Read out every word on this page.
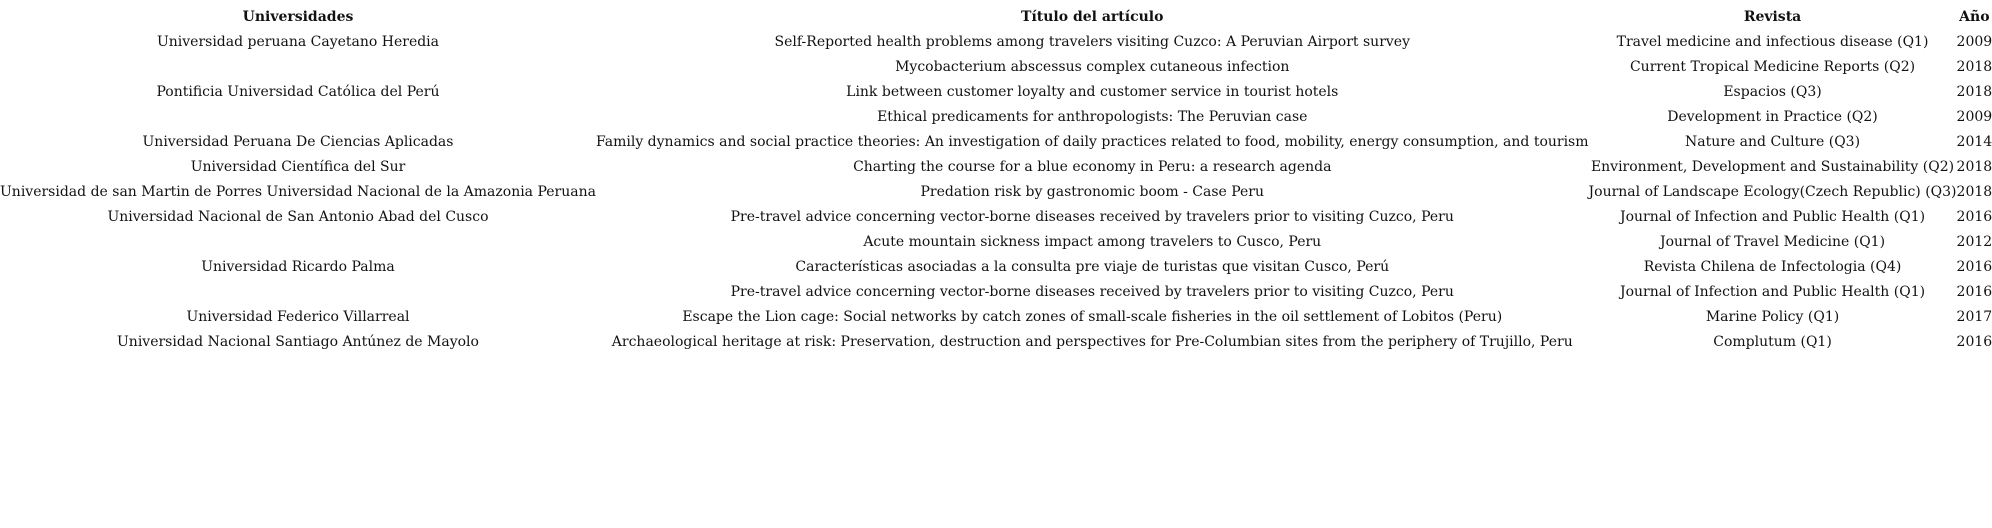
Universidades	Título del artículo	Revista	Año
Universidad peruana Cayetano Heredia	Self-Reported health problems among travelers visiting Cuzco: A Peruvian Airport survey	Travel medicine and infectious disease (Q1)	2009
	Mycobacterium abscessus complex cutaneous infection	Current Tropical Medicine Reports (Q2)	2018
Pontificia Universidad Católica del Perú	Link between customer loyalty and customer service in tourist hotels	Espacios (Q3)	2018
	Ethical predicaments for anthropologists: The Peruvian case	Development in Practice (Q2)	2009
Universidad Peruana De Ciencias Aplicadas	Family dynamics and social practice theories: An investigation of daily practices related to food, mobility, energy consumption, and tourism	Nature and Culture (Q3)	2014
Universidad Científica del Sur	Charting the course for a blue economy in Peru: a research agenda	Environment, Development and Sustainability (Q2)	2018
Universidad de san Martin de Porres Universidad Nacional de la Amazonia Peruana	Predation risk by gastronomic boom - Case Peru	Journal of Landscape Ecology(Czech Republic) (Q3)	2018
Universidad Nacional de San Antonio Abad del Cusco	Pre-travel advice concerning vector-borne diseases received by travelers prior to visiting Cuzco, Peru	Journal of Infection and Public Health (Q1)	2016
	Acute mountain sickness impact among travelers to Cusco, Peru	Journal of Travel Medicine (Q1)	2012
Universidad Ricardo Palma	Características asociadas a la consulta pre viaje de turistas que visitan Cusco, Perú	Revista Chilena de Infectologia (Q4)	2016
	Pre-travel advice concerning vector-borne diseases received by travelers prior to visiting Cuzco, Peru	Journal of Infection and Public Health (Q1)	2016
Universidad Federico Villarreal	Escape the Lion cage: Social networks by catch zones of small-scale fisheries in the oil settlement of Lobitos (Peru)	Marine Policy (Q1)	2017
Universidad Nacional Santiago Antúnez de Mayolo	Archaeological heritage at risk: Preservation, destruction and perspectives for Pre-Columbian sites from the periphery of Trujillo, Peru	Complutum (Q1)	2016
